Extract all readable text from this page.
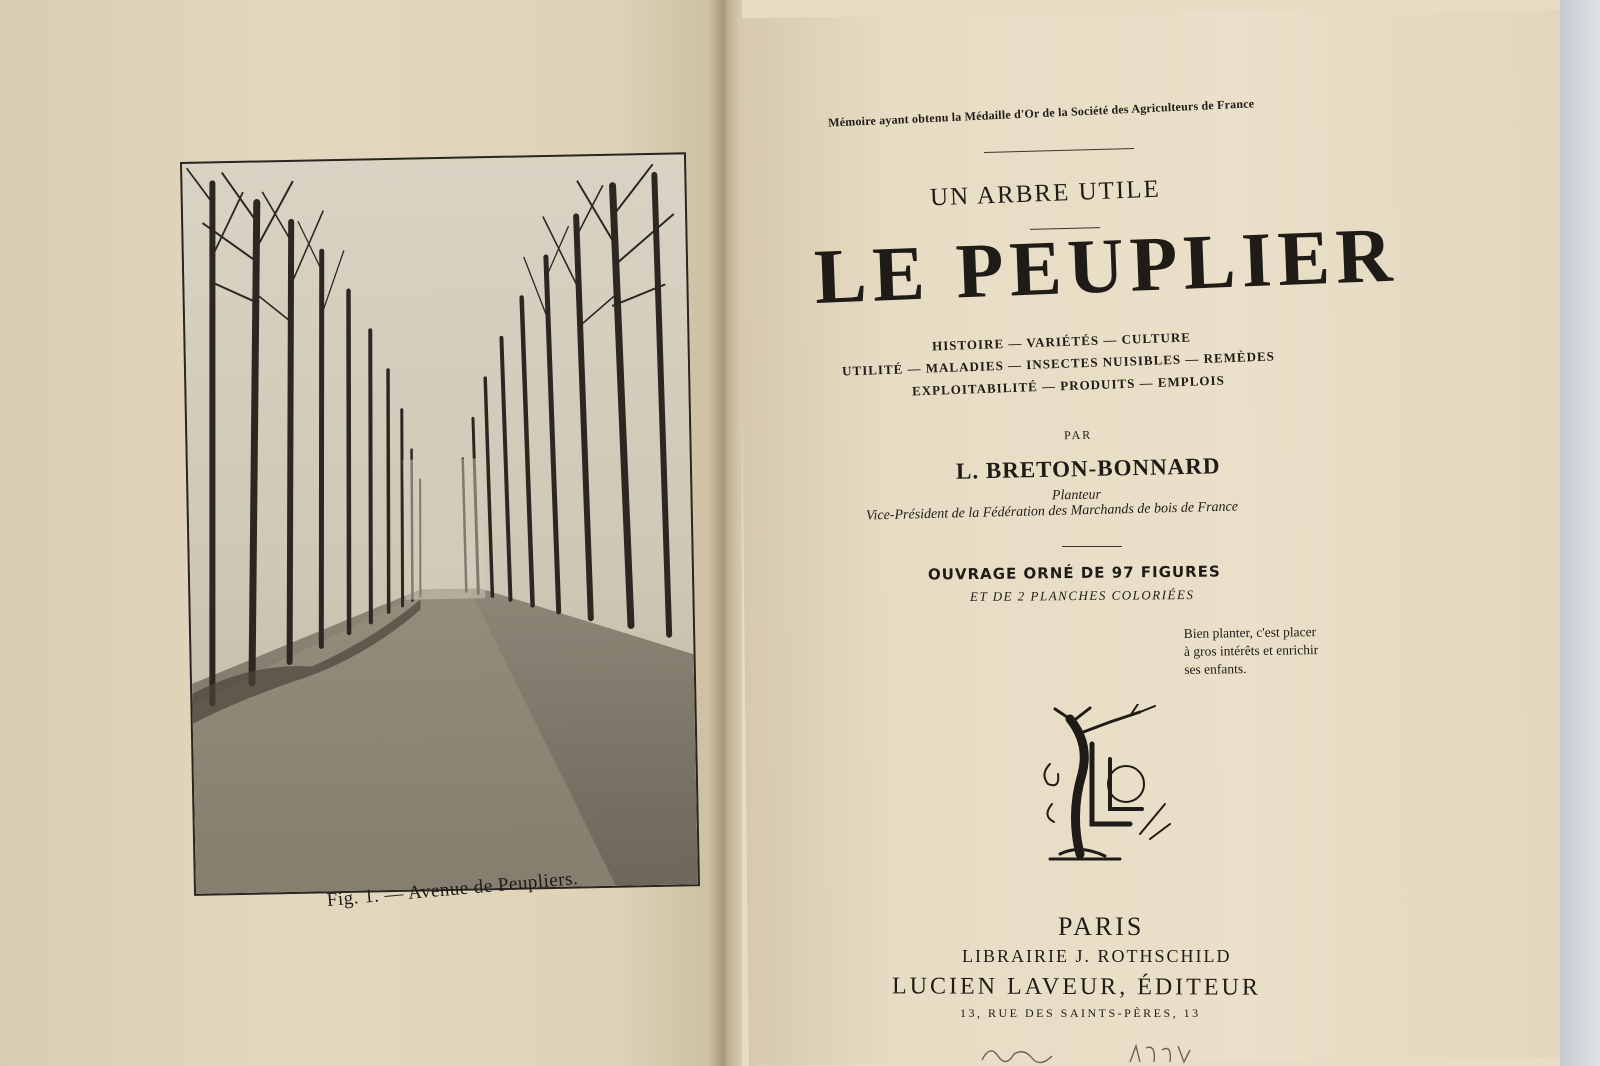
Fig. 1. — Avenue de Peupliers.
Mémoire ayant obtenu la Médaille d'Or de la Société des Agriculteurs de France
UN ARBRE UTILE
LE PEUPLIER
HISTOIRE — VARIÉTÉS — CULTURE
UTILITÉ — MALADIES — INSECTES NUISIBLES — REMÈDES
EXPLOITABILITÉ — PRODUITS — EMPLOIS
PAR
L. BRETON-BONNARD
Planteur
Vice-Président de la Fédération des Marchands de bois de France
OUVRAGE ORNÉ DE 97 FIGURES
ET DE 2 PLANCHES COLORIÉES
Bien planter, c'est placer
à gros intérêts et enrichir
ses enfants.
PARIS
LIBRAIRIE J. ROTHSCHILD
LUCIEN LAVEUR, ÉDITEUR
13, RUE DES SAINTS-PÈRES, 13
